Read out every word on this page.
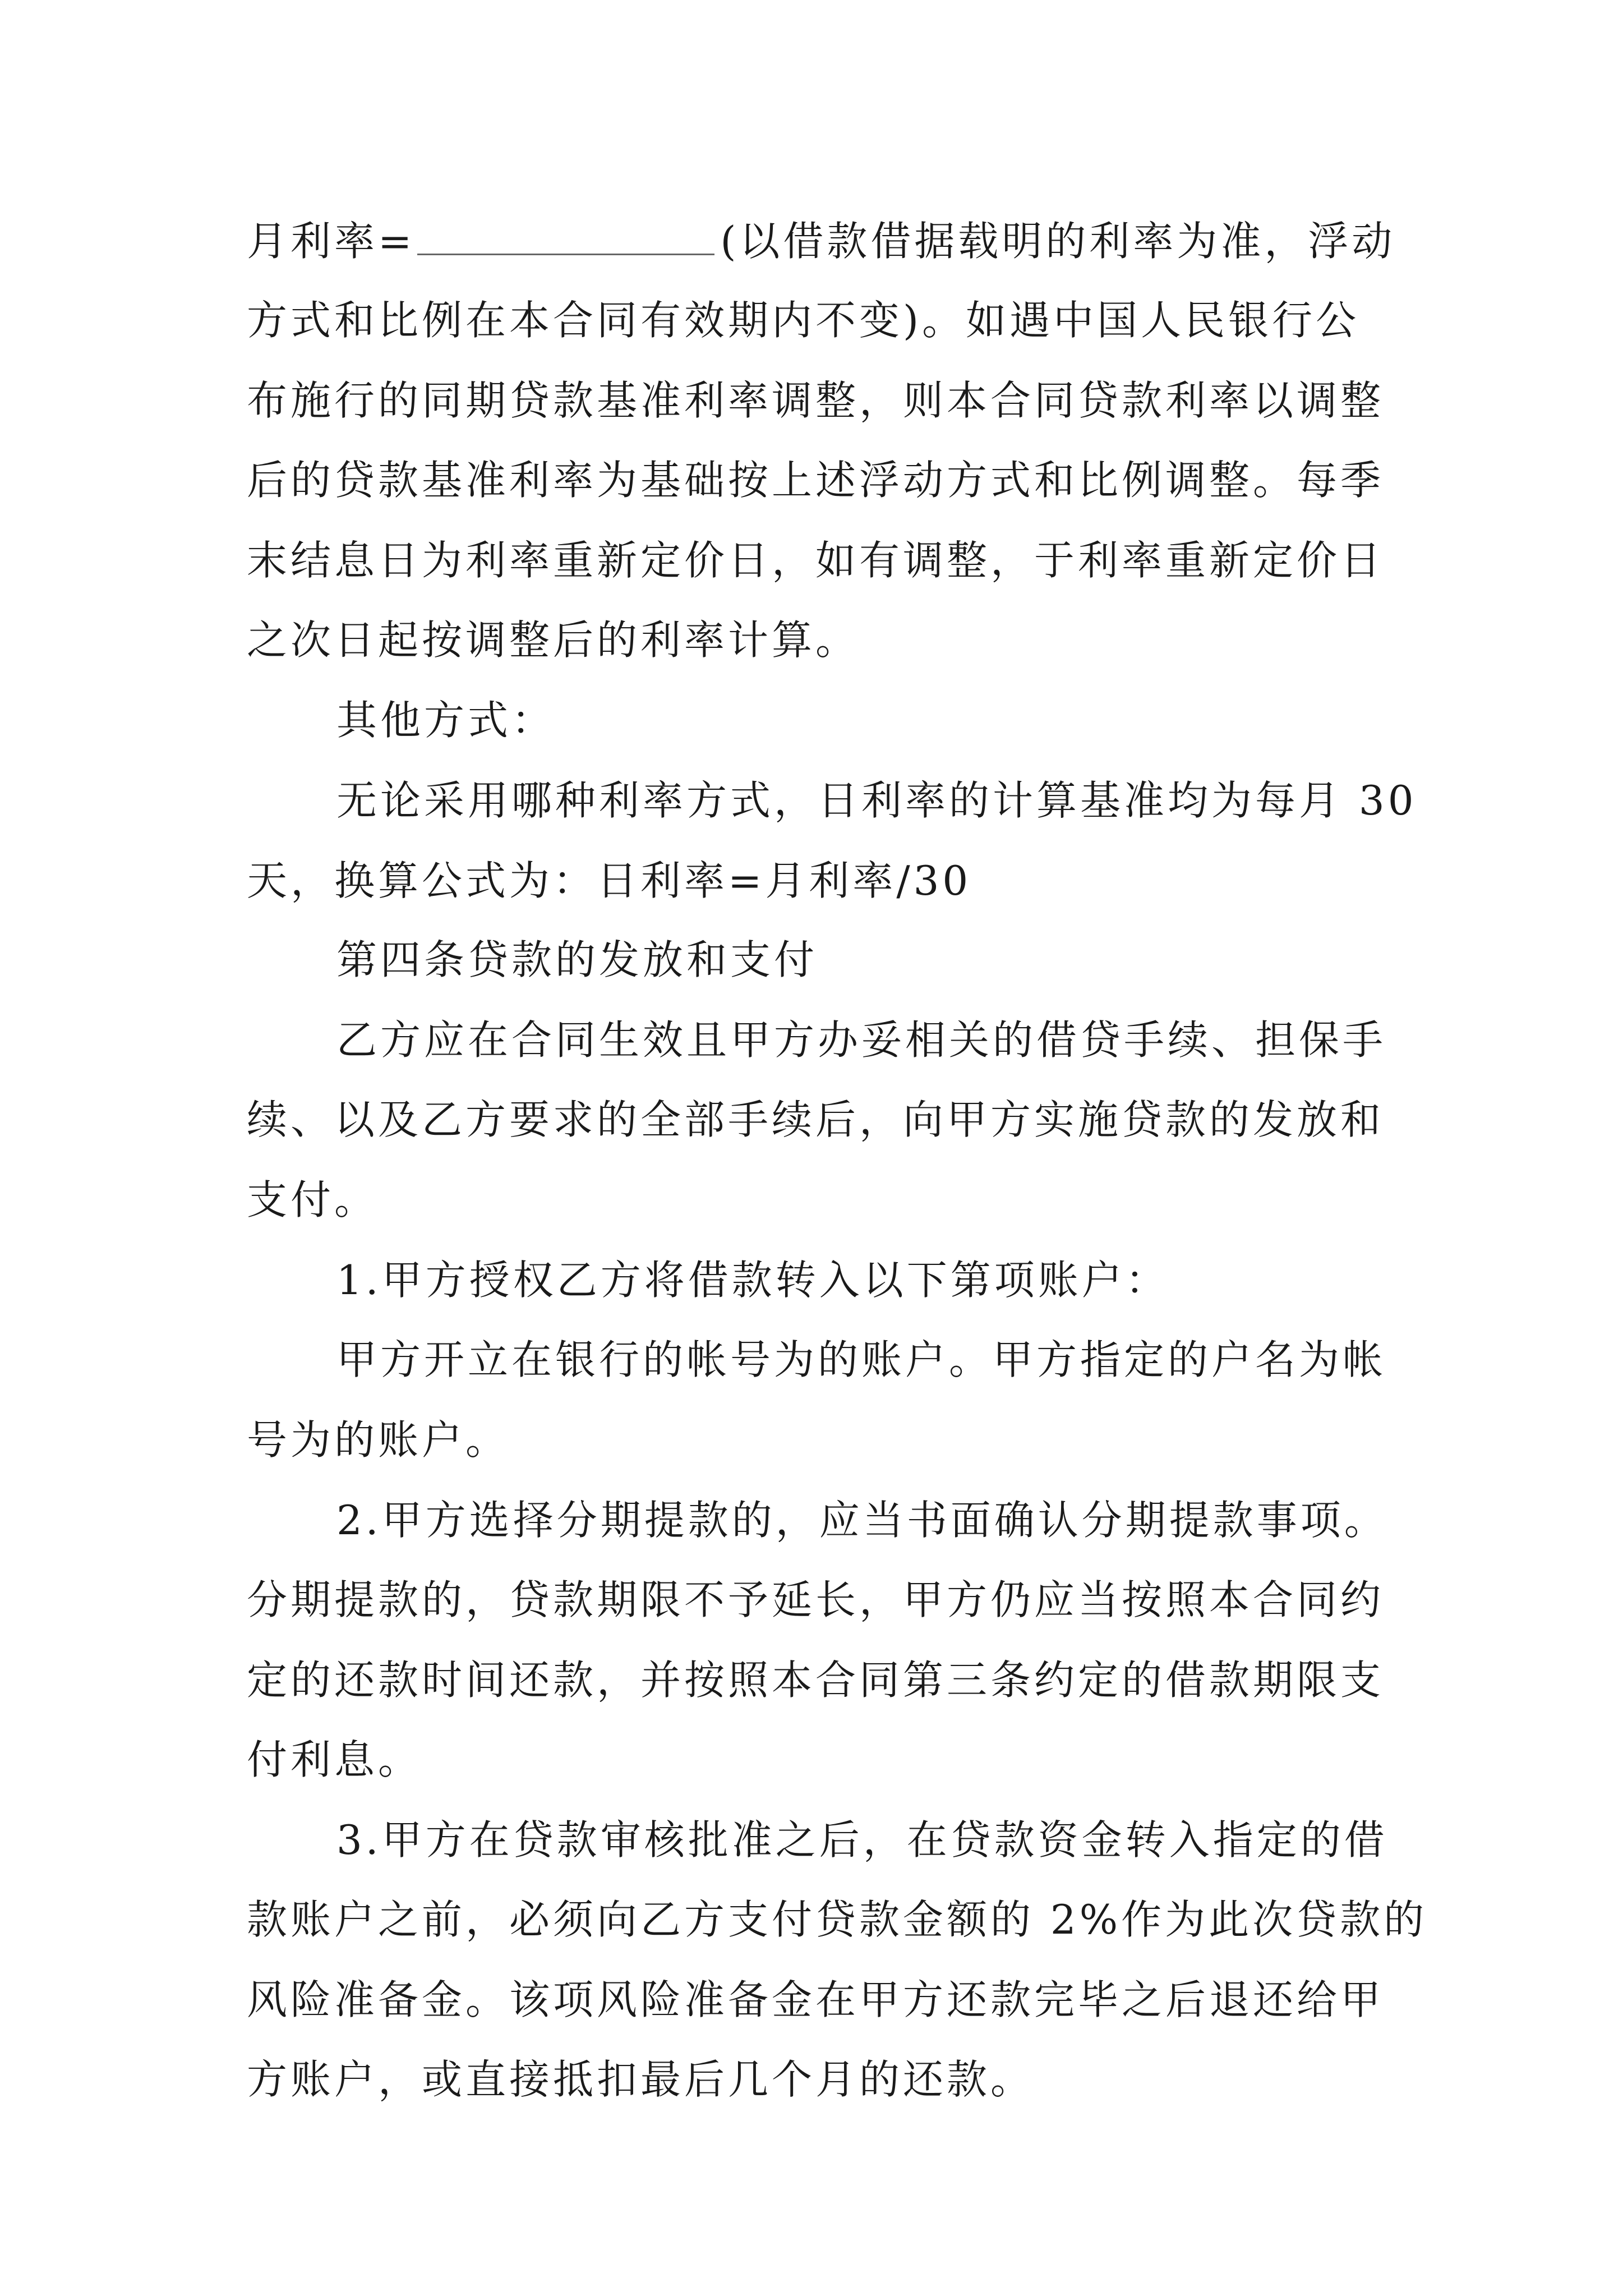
月利率=	(以借款借据载明的利率为准，浮动
方式和比例在本合同有效期内不变)。如遇中国人民银行公
布施行的同期贷款基准利率调整，则本合同贷款利率以调整
后的贷款基准利率为基础按上述浮动方式和比例调整。每季
末结息日为利率重新定价日，如有调整，于利率重新定价日
之次日起按调整后的利率计算。
其他方式：
无论采用哪种利率方式，日利率的计算基准均为每月 30
天，换算公式为：日利率=月利率/30
第四条贷款的发放和支付
乙方应在合同生效且甲方办妥相关的借贷手续、担保手
续、以及乙方要求的全部手续后，向甲方实施贷款的发放和
支付。
1.甲方授权乙方将借款转入以下第项账户：
甲方开立在银行的帐号为的账户。甲方指定的户名为帐
号为的账户。
2.甲方选择分期提款的，应当书面确认分期提款事项。
分期提款的，贷款期限不予延长，甲方仍应当按照本合同约
定的还款时间还款，并按照本合同第三条约定的借款期限支
付利息。
3.甲方在贷款审核批准之后，在贷款资金转入指定的借
款账户之前，必须向乙方支付贷款金额的 2%作为此次贷款的
风险准备金。该项风险准备金在甲方还款完毕之后退还给甲
方账户，或直接抵扣最后几个月的还款。
